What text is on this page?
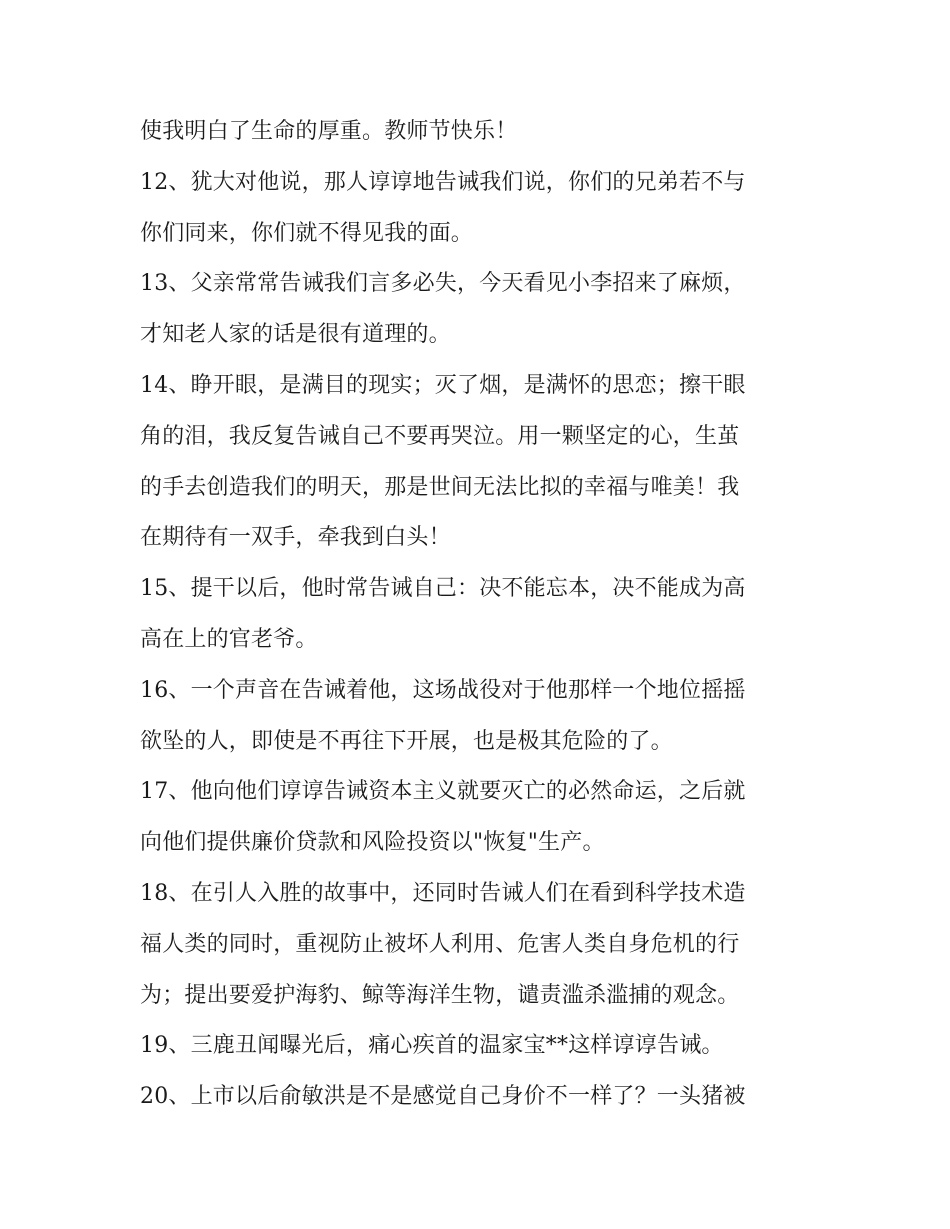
使我明白了生命的厚重。教师节快乐！
12、犹大对他说，那人谆谆地告诫我们说，你们的兄弟若不与
你们同来，你们就不得见我的面。
13、父亲常常告诫我们言多必失，今天看见小李招来了麻烦，
才知老人家的话是很有道理的。
14、睁开眼，是满目的现实；灭了烟，是满怀的思恋；擦干眼
角的泪，我反复告诫自己不要再哭泣。用一颗坚定的心，生茧
的手去创造我们的明天，那是世间无法比拟的幸福与唯美！我
在期待有一双手，牵我到白头！
15、提干以后，他时常告诫自己：决不能忘本，决不能成为高
高在上的官老爷。
16、一个声音在告诫着他，这场战役对于他那样一个地位摇摇
欲坠的人，即使是不再往下开展，也是极其危险的了。
17、他向他们谆谆告诫资本主义就要灭亡的必然命运，之后就
向他们提供廉价贷款和风险投资以"恢复"生产。
18、在引人入胜的故事中，还同时告诫人们在看到科学技术造
福人类的同时，重视防止被坏人利用、危害人类自身危机的行
为；提出要爱护海豹、鲸等海洋生物，谴责滥杀滥捕的观念。
19、三鹿丑闻曝光后，痛心疾首的温家宝**这样谆谆告诫。
20、上市以后俞敏洪是不是感觉自己身价不一样了？一头猪被
